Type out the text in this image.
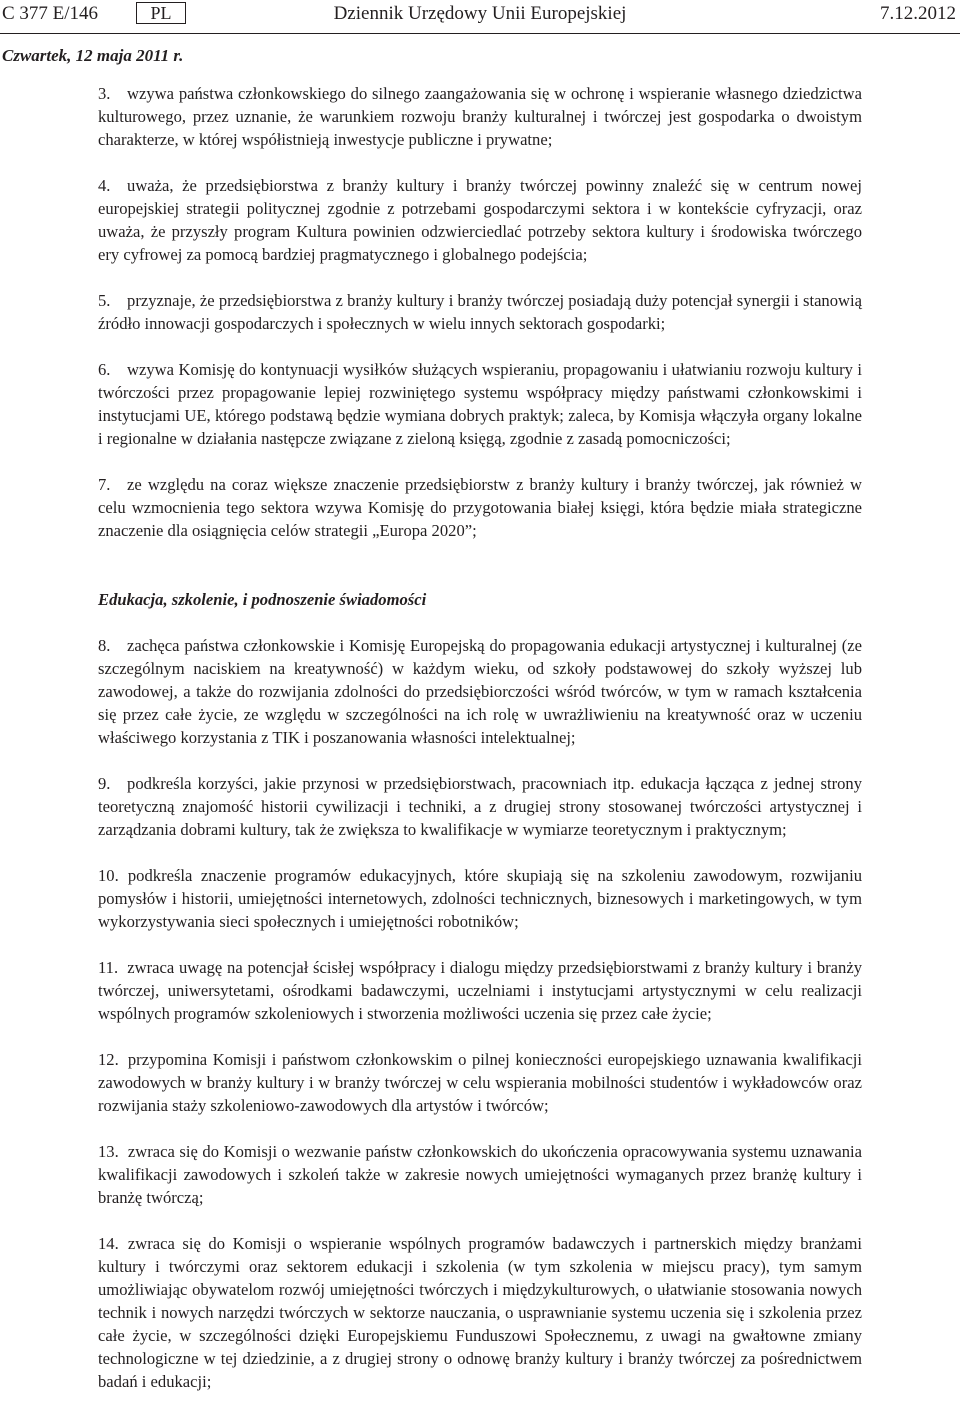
C 377 E/146	PL	Dziennik Urzędowy Unii Europejskiej	7.12.2012
Czwartek, 12 maja 2011 r.

3. wzywa państwa członkowskiego do silnego zaangażowania się w ochronę i wspieranie własnego dziedzictwa kulturowego, przez uznanie, że warunkiem rozwoju branży kulturalnej i twórczej jest gospodarka o dwoistym charakterze, w której współistnieją inwestycje publiczne i prywatne;

4. uważa, że przedsiębiorstwa z branży kultury i branży twórczej powinny znaleźć się w centrum nowej europejskiej strategii politycznej zgodnie z potrzebami gospodarczymi sektora i w kontekście cyfryzacji, oraz uważa, że przyszły program Kultura powinien odzwierciedlać potrzeby sektora kultury i środowiska twórczego ery cyfrowej za pomocą bardziej pragmatycznego i globalnego podejścia;

5. przyznaje, że przedsiębiorstwa z branży kultury i branży twórczej posiadają duży potencjał synergii i stanowią źródło innowacji gospodarczych i społecznych w wielu innych sektorach gospodarki;

6. wzywa Komisję do kontynuacji wysiłków służących wspieraniu, propagowaniu i ułatwianiu rozwoju kultury i twórczości przez propagowanie lepiej rozwiniętego systemu współpracy między państwami członkowskimi i instytucjami UE, którego podstawą będzie wymiana dobrych praktyk; zaleca, by Komisja włączyła organy lokalne i regionalne w działania następcze związane z zieloną księgą, zgodnie z zasadą pomocniczości;

7. ze względu na coraz większe znaczenie przedsiębiorstw z branży kultury i branży twórczej, jak również w celu wzmocnienia tego sektora wzywa Komisję do przygotowania białej księgi, która będzie miała strategiczne znaczenie dla osiągnięcia celów strategii „Europa 2020”;

Edukacja, szkolenie, i podnoszenie świadomości

8. zachęca państwa członkowskie i Komisję Europejską do propagowania edukacji artystycznej i kulturalnej (ze szczególnym naciskiem na kreatywność) w każdym wieku, od szkoły podstawowej do szkoły wyższej lub zawodowej, a także do rozwijania zdolności do przedsiębiorczości wśród twórców, w tym w ramach kształcenia się przez całe życie, ze względu w szczególności na ich rolę w uwrażliwieniu na kreatywność oraz w uczeniu właściwego korzystania z TIK i poszanowania własności intelektualnej;

9. podkreśla korzyści, jakie przynosi w przedsiębiorstwach, pracowniach itp. edukacja łącząca z jednej strony teoretyczną znajomość historii cywilizacji i techniki, a z drugiej strony stosowanej twórczości artystycznej i zarządzania dobrami kultury, tak że zwiększa to kwalifikacje w wymiarze teoretycznym i praktycznym;

10. podkreśla znaczenie programów edukacyjnych, które skupiają się na szkoleniu zawodowym, rozwijaniu pomysłów i historii, umiejętności internetowych, zdolności technicznych, biznesowych i marketingowych, w tym wykorzystywania sieci społecznych i umiejętności robotników;

11. zwraca uwagę na potencjał ścisłej współpracy i dialogu między przedsiębiorstwami z branży kultury i branży twórczej, uniwersytetami, ośrodkami badawczymi, uczelniami i instytucjami artystycznymi w celu realizacji wspólnych programów szkoleniowych i stworzenia możliwości uczenia się przez całe życie;

12. przypomina Komisji i państwom członkowskim o pilnej konieczności europejskiego uznawania kwalifikacji zawodowych w branży kultury i w branży twórczej w celu wspierania mobilności studentów i wykładowców oraz rozwijania staży szkoleniowo-zawodowych dla artystów i twórców;

13. zwraca się do Komisji o wezwanie państw członkowskich do ukończenia opracowywania systemu uznawania kwalifikacji zawodowych i szkoleń także w zakresie nowych umiejętności wymaganych przez branżę kultury i branżę twórczą;

14. zwraca się do Komisji o wspieranie wspólnych programów badawczych i partnerskich między branżami kultury i twórczymi oraz sektorem edukacji i szkolenia (w tym szkolenia w miejscu pracy), tym samym umożliwiając obywatelom rozwój umiejętności twórczych i międzykulturowych, o ułatwianie stosowania nowych technik i nowych narzędzi twórczych w sektorze nauczania, o usprawnianie systemu uczenia się i szkolenia przez całe życie, w szczególności dzięki Europejskiemu Funduszowi Społecznemu, z uwagi na gwałtowne zmiany technologiczne w tej dziedzinie, a z drugiej strony o odnowę branży kultury i branży twórczej za pośrednictwem badań i edukacji;
